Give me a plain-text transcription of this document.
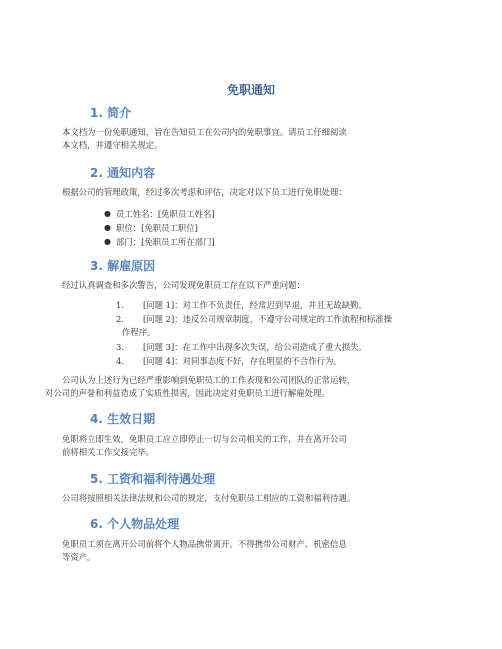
免职通知
1. 简介

本文档为一份免职通知，旨在告知员工在公司内的免职事宜。请员工仔细阅读
本文档，并遵守相关规定。

2. 通知内容

根据公司的管理政策，经过多次考虑和评估，决定对以下员工进行免职处理：

● 员工姓名：[免职员工姓名]
● 职位：[免职员工职位]
● 部门：[免职员工所在部门]
3. 解雇原因

经过认真调查和多次警告，公司发现免职员工存在以下严重问题：

1.	[问题 1]：对工作不负责任，经常迟到早退，并且无故缺勤。
2.	[问题 2]：违反公司规章制度，不遵守公司规定的工作流程和标准操
作程序。
3.	[问题 3]：在工作中出现多次失误，给公司造成了重大损失。
4.	[问题 4]：对同事态度不好，存在明显的不合作行为。

公司认为上述行为已经严重影响到免职员工的工作表现和公司团队的正常运转，
对公司的声誉和利益造成了实质性损害，因此决定对免职员工进行解雇处理。

4. 生效日期

免职将立即生效，免职员工应立即停止一切与公司相关的工作，并在离开公司
前将相关工作交接完毕。

5. 工资和福利待遇处理

公司将按照相关法律法规和公司的规定，支付免职员工相应的工资和福利待遇。

6. 个人物品处理

免职员工须在离开公司前将个人物品携带离开，不得携带公司财产、机密信息
等资产。
